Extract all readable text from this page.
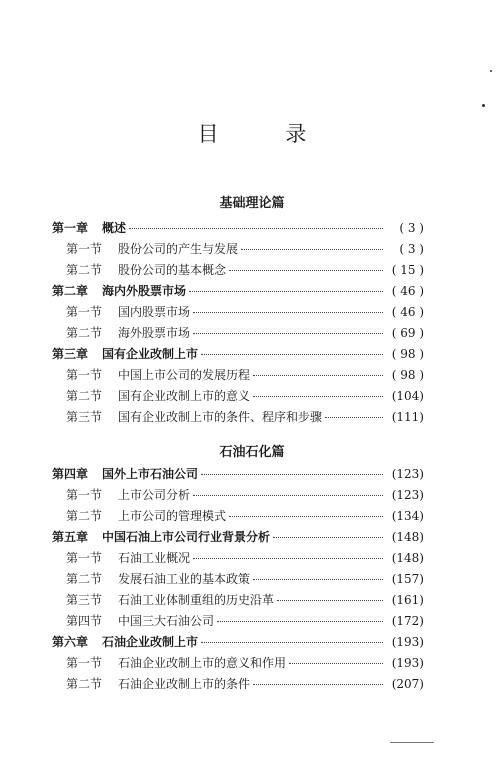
目 录
基础理论篇
第一章 概述	( 3 )
第一节 股份公司的产生与发展	( 3 )
第二节 股份公司的基本概念	( 15 )
第二章 海内外股票市场	( 46 )
第一节 国内股票市场	( 46 )
第二节 海外股票市场	( 69 )
第三章 国有企业改制上市	( 98 )
第一节 中国上市公司的发展历程	( 98 )
第二节 国有企业改制上市的意义	(104)
第三节 国有企业改制上市的条件、程序和步骤	(111)
石油石化篇
第四章 国外上市石油公司	(123)
第一节 上市公司分析	(123)
第二节 上市公司的管理模式	(134)
第五章 中国石油上市公司行业背景分析	(148)
第一节 石油工业概况	(148)
第二节 发展石油工业的基本政策	(157)
第三节 石油工业体制重组的历史沿革	(161)
第四节 中国三大石油公司	(172)
第六章 石油企业改制上市	(193)
第一节 石油企业改制上市的意义和作用	(193)
第二节 石油企业改制上市的条件	(207)
